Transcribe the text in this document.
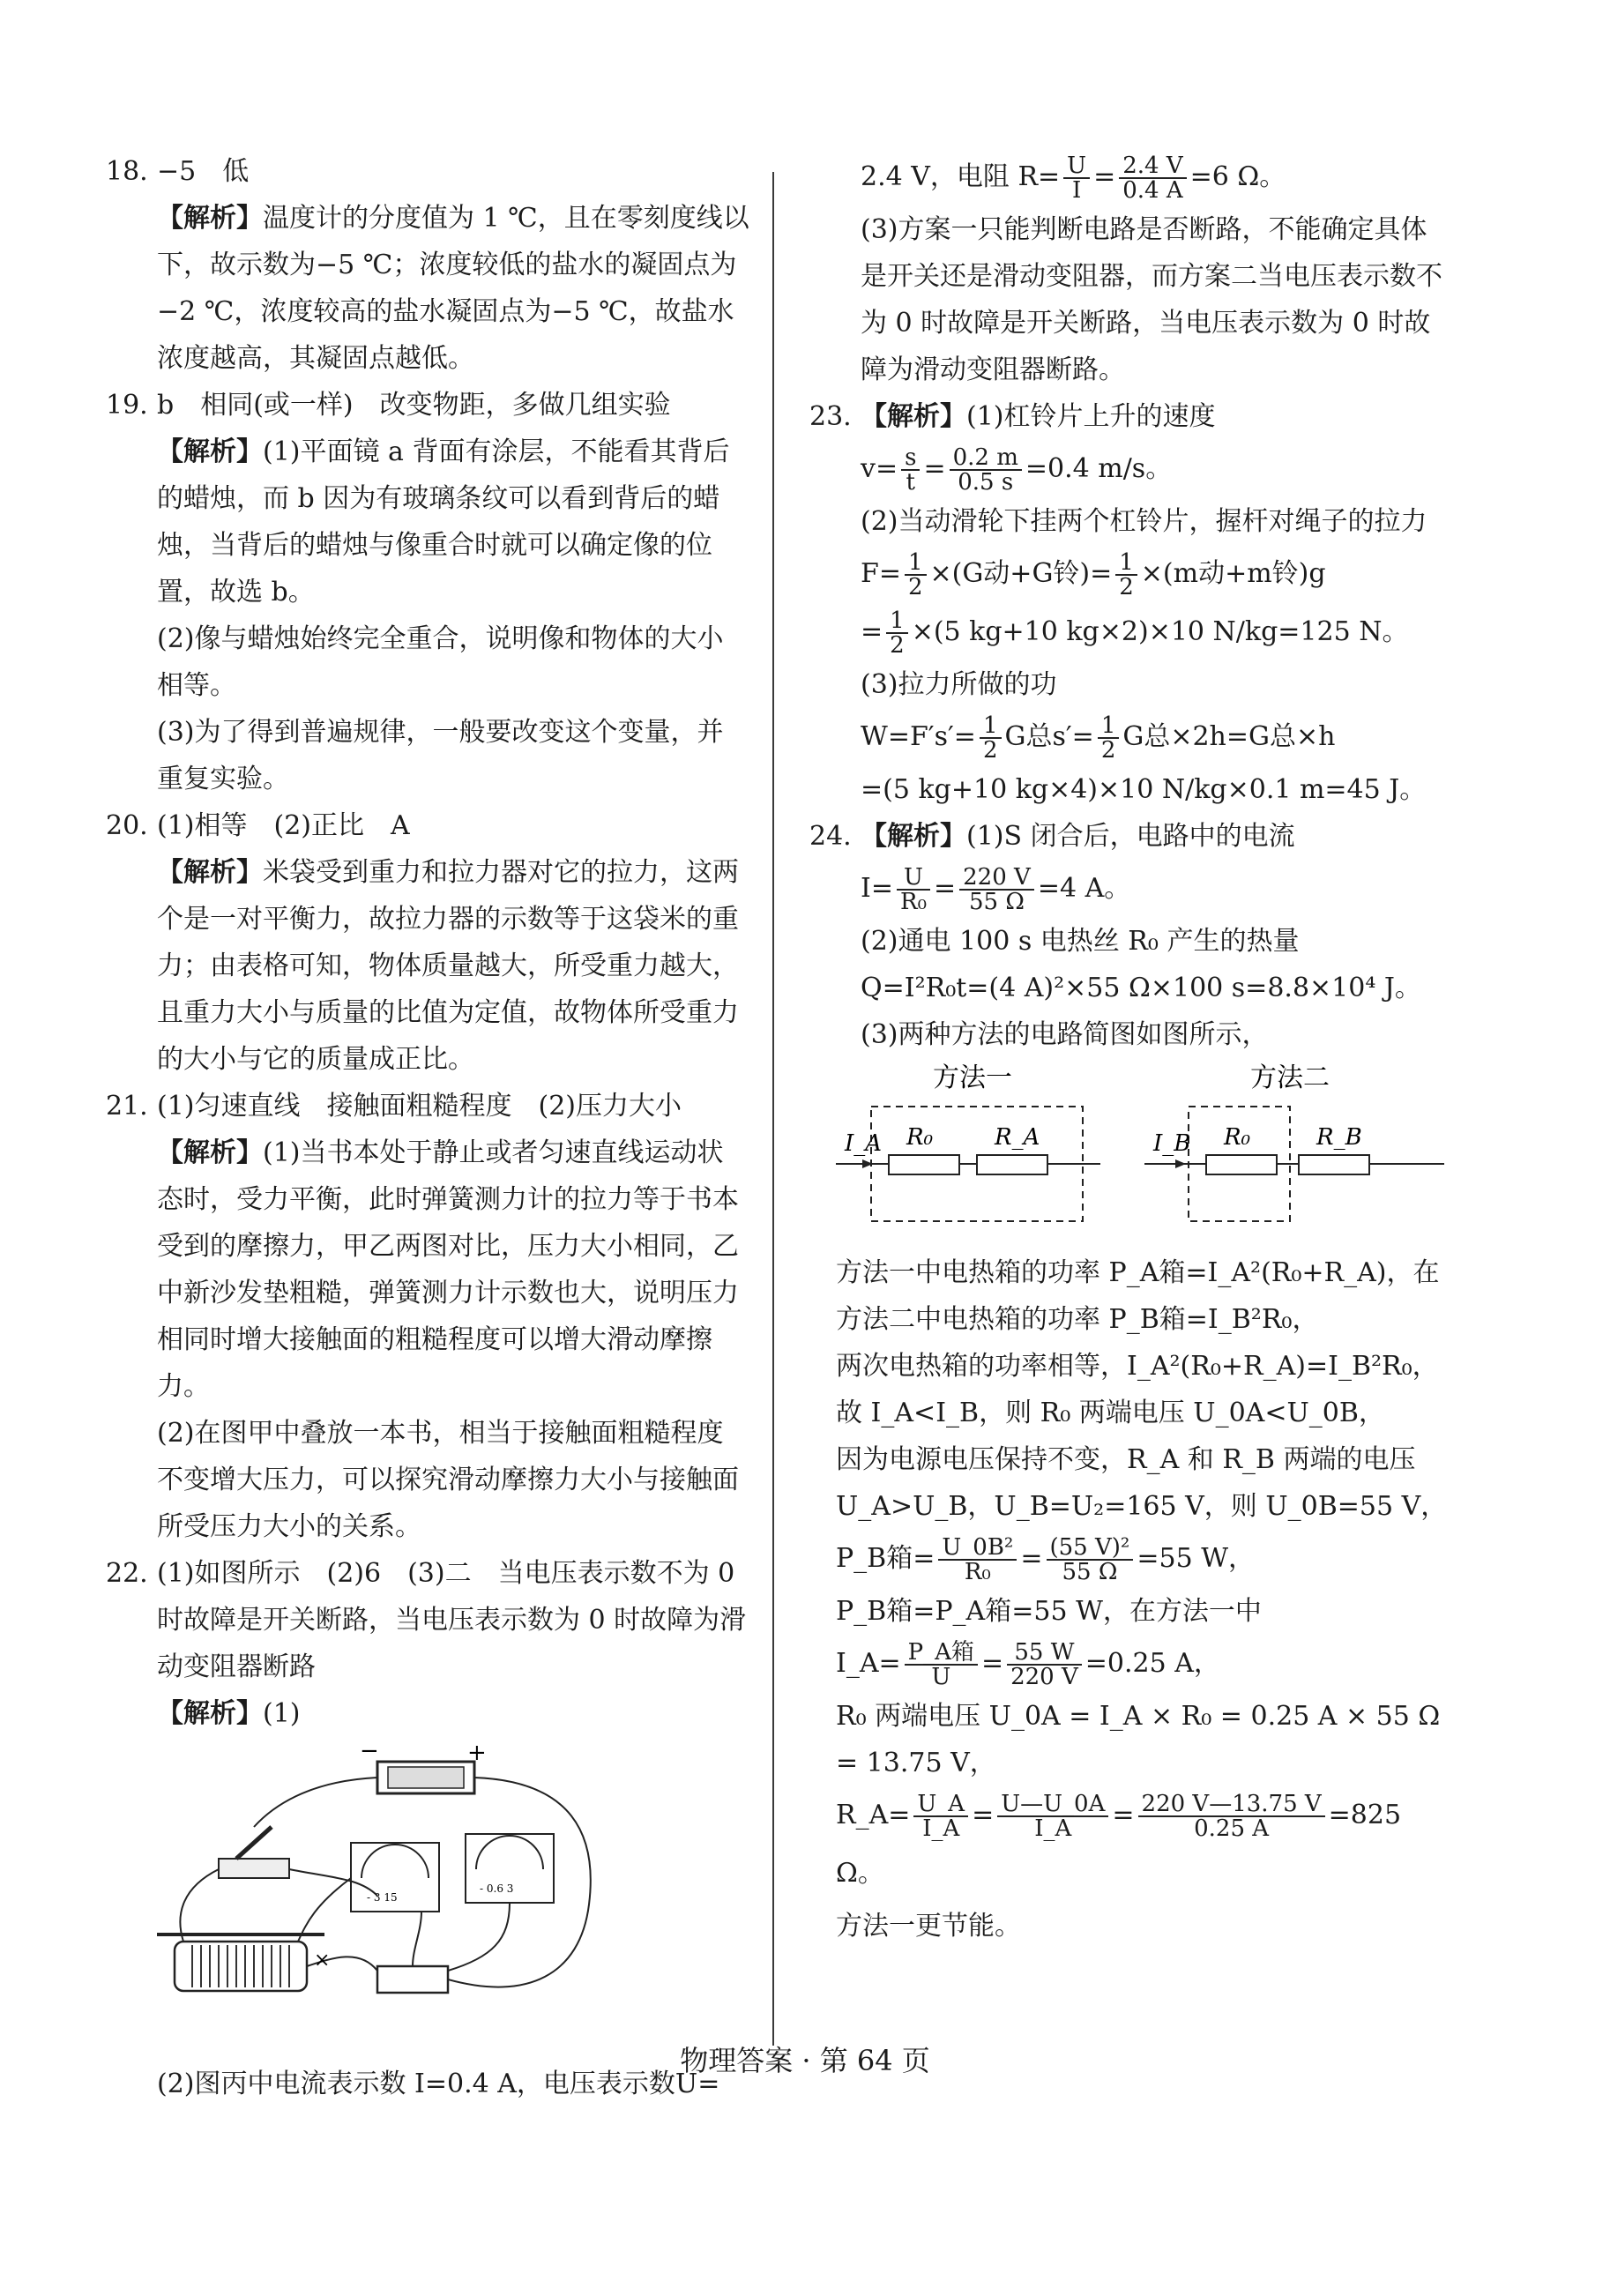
18. −5　低

【解析】温度计的分度值为 1 ℃，且在零刻度线以下，故示数为−5 ℃；浓度较低的盐水的凝固点为−2 ℃，浓度较高的盐水凝固点为−5 ℃，故盐水浓度越高，其凝固点越低。

19. b　相同(或一样)　改变物距，多做几组实验

【解析】(1)平面镜 a 背面有涂层，不能看其背后的蜡烛，而 b 因为有玻璃条纹可以看到背后的蜡烛，当背后的蜡烛与像重合时就可以确定像的位置，故选 b。

(2)像与蜡烛始终完全重合，说明像和物体的大小相等。

(3)为了得到普遍规律，一般要改变这个变量，并重复实验。

20. (1)相等　(2)正比　A

【解析】米袋受到重力和拉力器对它的拉力，这两个是一对平衡力，故拉力器的示数等于这袋米的重力；由表格可知，物体质量越大，所受重力越大，且重力大小与质量的比值为定值，故物体所受重力的大小与它的质量成正比。

21. (1)匀速直线　接触面粗糙程度　(2)压力大小

【解析】(1)当书本处于静止或者匀速直线运动状态时，受力平衡，此时弹簧测力计的拉力等于书本受到的摩擦力，甲乙两图对比，压力大小相同，乙中新沙发垫粗糙，弹簧测力计示数也大，说明压力相同时增大接触面的粗糙程度可以增大滑动摩擦力。

(2)在图甲中叠放一本书，相当于接触面粗糙程度不变增大压力，可以探究滑动摩擦力大小与接触面所受压力大小的关系。

22. (1)如图所示　(2)6　(3)二　当电压表示数不为 0 时故障是开关断路，当电压表示数为 0 时故障为滑动变阻器断路

【解析】(1)

−	+
- 3 15
- 0.6 3
×

(2)图丙中电流表示数 I=0.4 A，电压表示数U=

2.4 V，电阻 $R= \frac{U}{I} = \frac{2.4 V}{0.4 A} =6$ Ω。

(3)方案一只能判断电路是否断路，不能确定具体是开关还是滑动变阻器，而方案二当电压表示数不为 0 时故障是开关断路，当电压表示数为 0 时故障为滑动变阻器断路。

23. 【解析】(1)杠铃片上升的速度

$v= \frac{s}{t} = \frac{0.2 m}{0.5 s} =0.4$ m/s。

(2)当动滑轮下挂两个杠铃片，握杆对绳子的拉力

$F= \frac{1}{2} \times(G$动+G铃)= $\frac{1}{2} \times(m$动+m铃)g

= $\frac{1}{2} \times(5$ kg+10 kg×2)×10 N/kg=125 N。

(3)拉力所做的功

$W=F's'= \frac{1}{2}$ G总$s'= \frac{1}{2}$ G总×2h=G总×h

=(5 kg+10 kg×4)×10 N/kg×0.1 m=45 J。

24. 【解析】(1)S 闭合后，电路中的电流

$I= \frac{U}{\text{R₀}} = \frac{220 V}{55 \Omega} =4$ A。

(2)通电 100 s 电热丝 R₀ 产生的热量

Q=I²R₀t=(4 A)²×55 Ω×100 s=8.8×10⁴ J。

(3)两种方法的电路简图如图所示，

方法一	方法二
I_A R₀	R_A	I_B R₀	R_B

方法一中电热箱的功率 P_A箱=I_A²(R₀+R_A)，在方法二中电热箱的功率 P_B箱=I_B²R₀，

两次电热箱的功率相等，I_A²(R₀+R_A)=I_B²R₀，

故 I_A<I_B，则 R₀ 两端电压 U_0A<U_0B，

因为电源电压保持不变，R_A 和 R_B 两端的电压 U_A>U_B，U_B=U₂=165 V，则 U_0B=55 V，

P_B箱= $\frac{\text{U\_0B²}}{\text{R₀}} = \frac{\text{(55 V)²}}{55 \Omega} =55$ W，

P_B箱=P_A箱=55 W，在方法一中

I_A= $\frac{\text{P\_A箱}}{U} = \frac{55 W}{220 V} =0.25$ A，

R₀ 两端电压 U_0A = I_A × R₀ = 0.25 A × 55 Ω = 13.75 V，

R_A= $\frac{U\_A}{I\_A} = \frac{U—U\_0A}{I\_A} = \frac{220 V—13.75 V}{0.25 A} =825$ Ω。

方法一更节能。

物理答案 · 第 64 页
